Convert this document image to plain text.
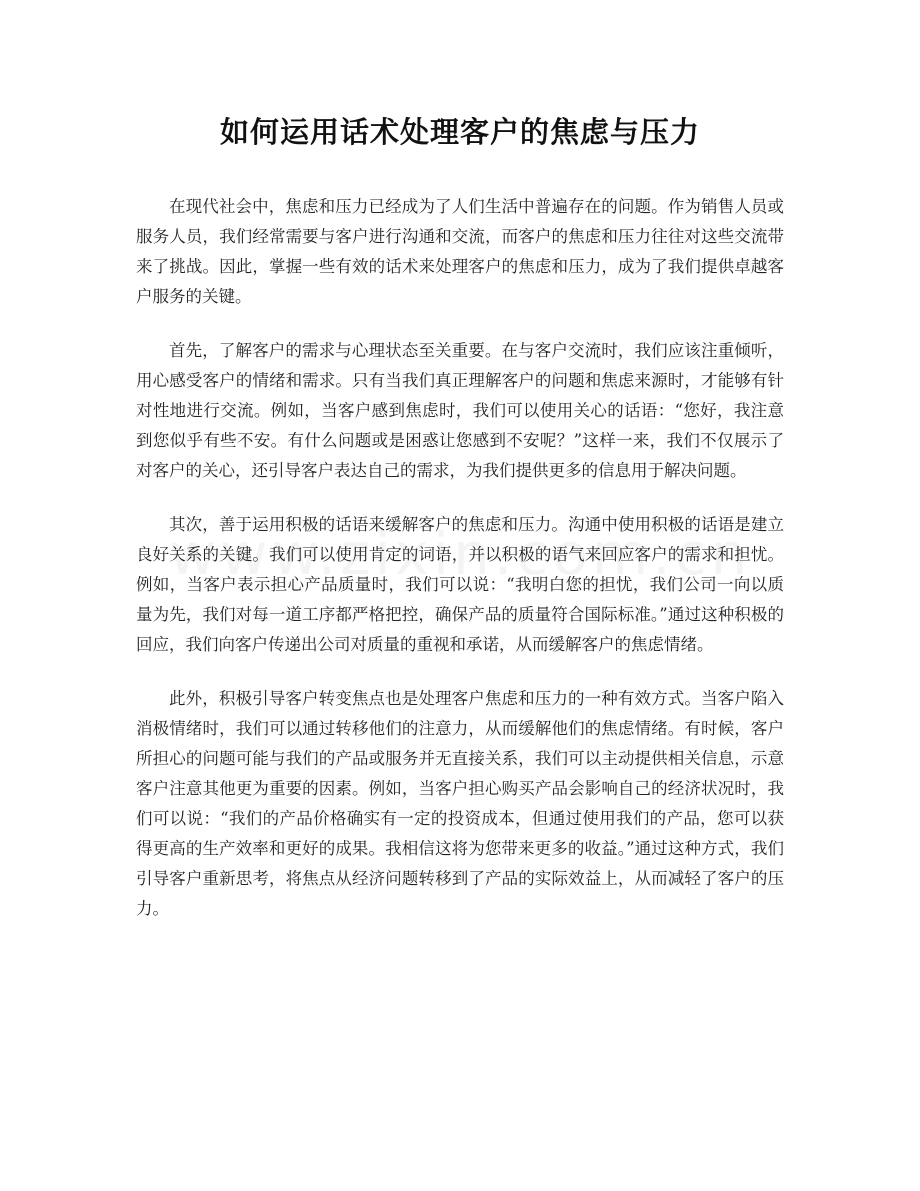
如何运用话术处理客户的焦虑与压力

在现代社会中，焦虑和压力已经成为了人们生活中普遍存在的问题。作为销售人员或服务人员，我们经常需要与客户进行沟通和交流，而客户的焦虑和压力往往对这些交流带来了挑战。因此，掌握一些有效的话术来处理客户的焦虑和压力，成为了我们提供卓越客户服务的关键。

首先，了解客户的需求与心理状态至关重要。在与客户交流时，我们应该注重倾听，用心感受客户的情绪和需求。只有当我们真正理解客户的问题和焦虑来源时，才能够有针对性地进行交流。例如，当客户感到焦虑时，我们可以使用关心的话语：“您好，我注意到您似乎有些不安。有什么问题或是困惑让您感到不安呢？”这样一来，我们不仅展示了对客户的关心，还引导客户表达自己的需求，为我们提供更多的信息用于解决问题。

其次，善于运用积极的话语来缓解客户的焦虑和压力。沟通中使用积极的话语是建立良好关系的关键。我们可以使用肯定的词语，并以积极的语气来回应客户的需求和担忧。例如，当客户表示担心产品质量时，我们可以说：“我明白您的担忧，我们公司一向以质量为先，我们对每一道工序都严格把控，确保产品的质量符合国际标准。”通过这种积极的回应，我们向客户传递出公司对质量的重视和承诺，从而缓解客户的焦虑情绪。

此外，积极引导客户转变焦点也是处理客户焦虑和压力的一种有效方式。当客户陷入消极情绪时，我们可以通过转移他们的注意力，从而缓解他们的焦虑情绪。有时候，客户所担心的问题可能与我们的产品或服务并无直接关系，我们可以主动提供相关信息，示意客户注意其他更为重要的因素。例如，当客户担心购买产品会影响自己的经济状况时，我们可以说：“我们的产品价格确实有一定的投资成本，但通过使用我们的产品，您可以获得更高的生产效率和更好的成果。我相信这将为您带来更多的收益。”通过这种方式，我们引导客户重新思考，将焦点从经济问题转移到了产品的实际效益上，从而减轻了客户的压力。
